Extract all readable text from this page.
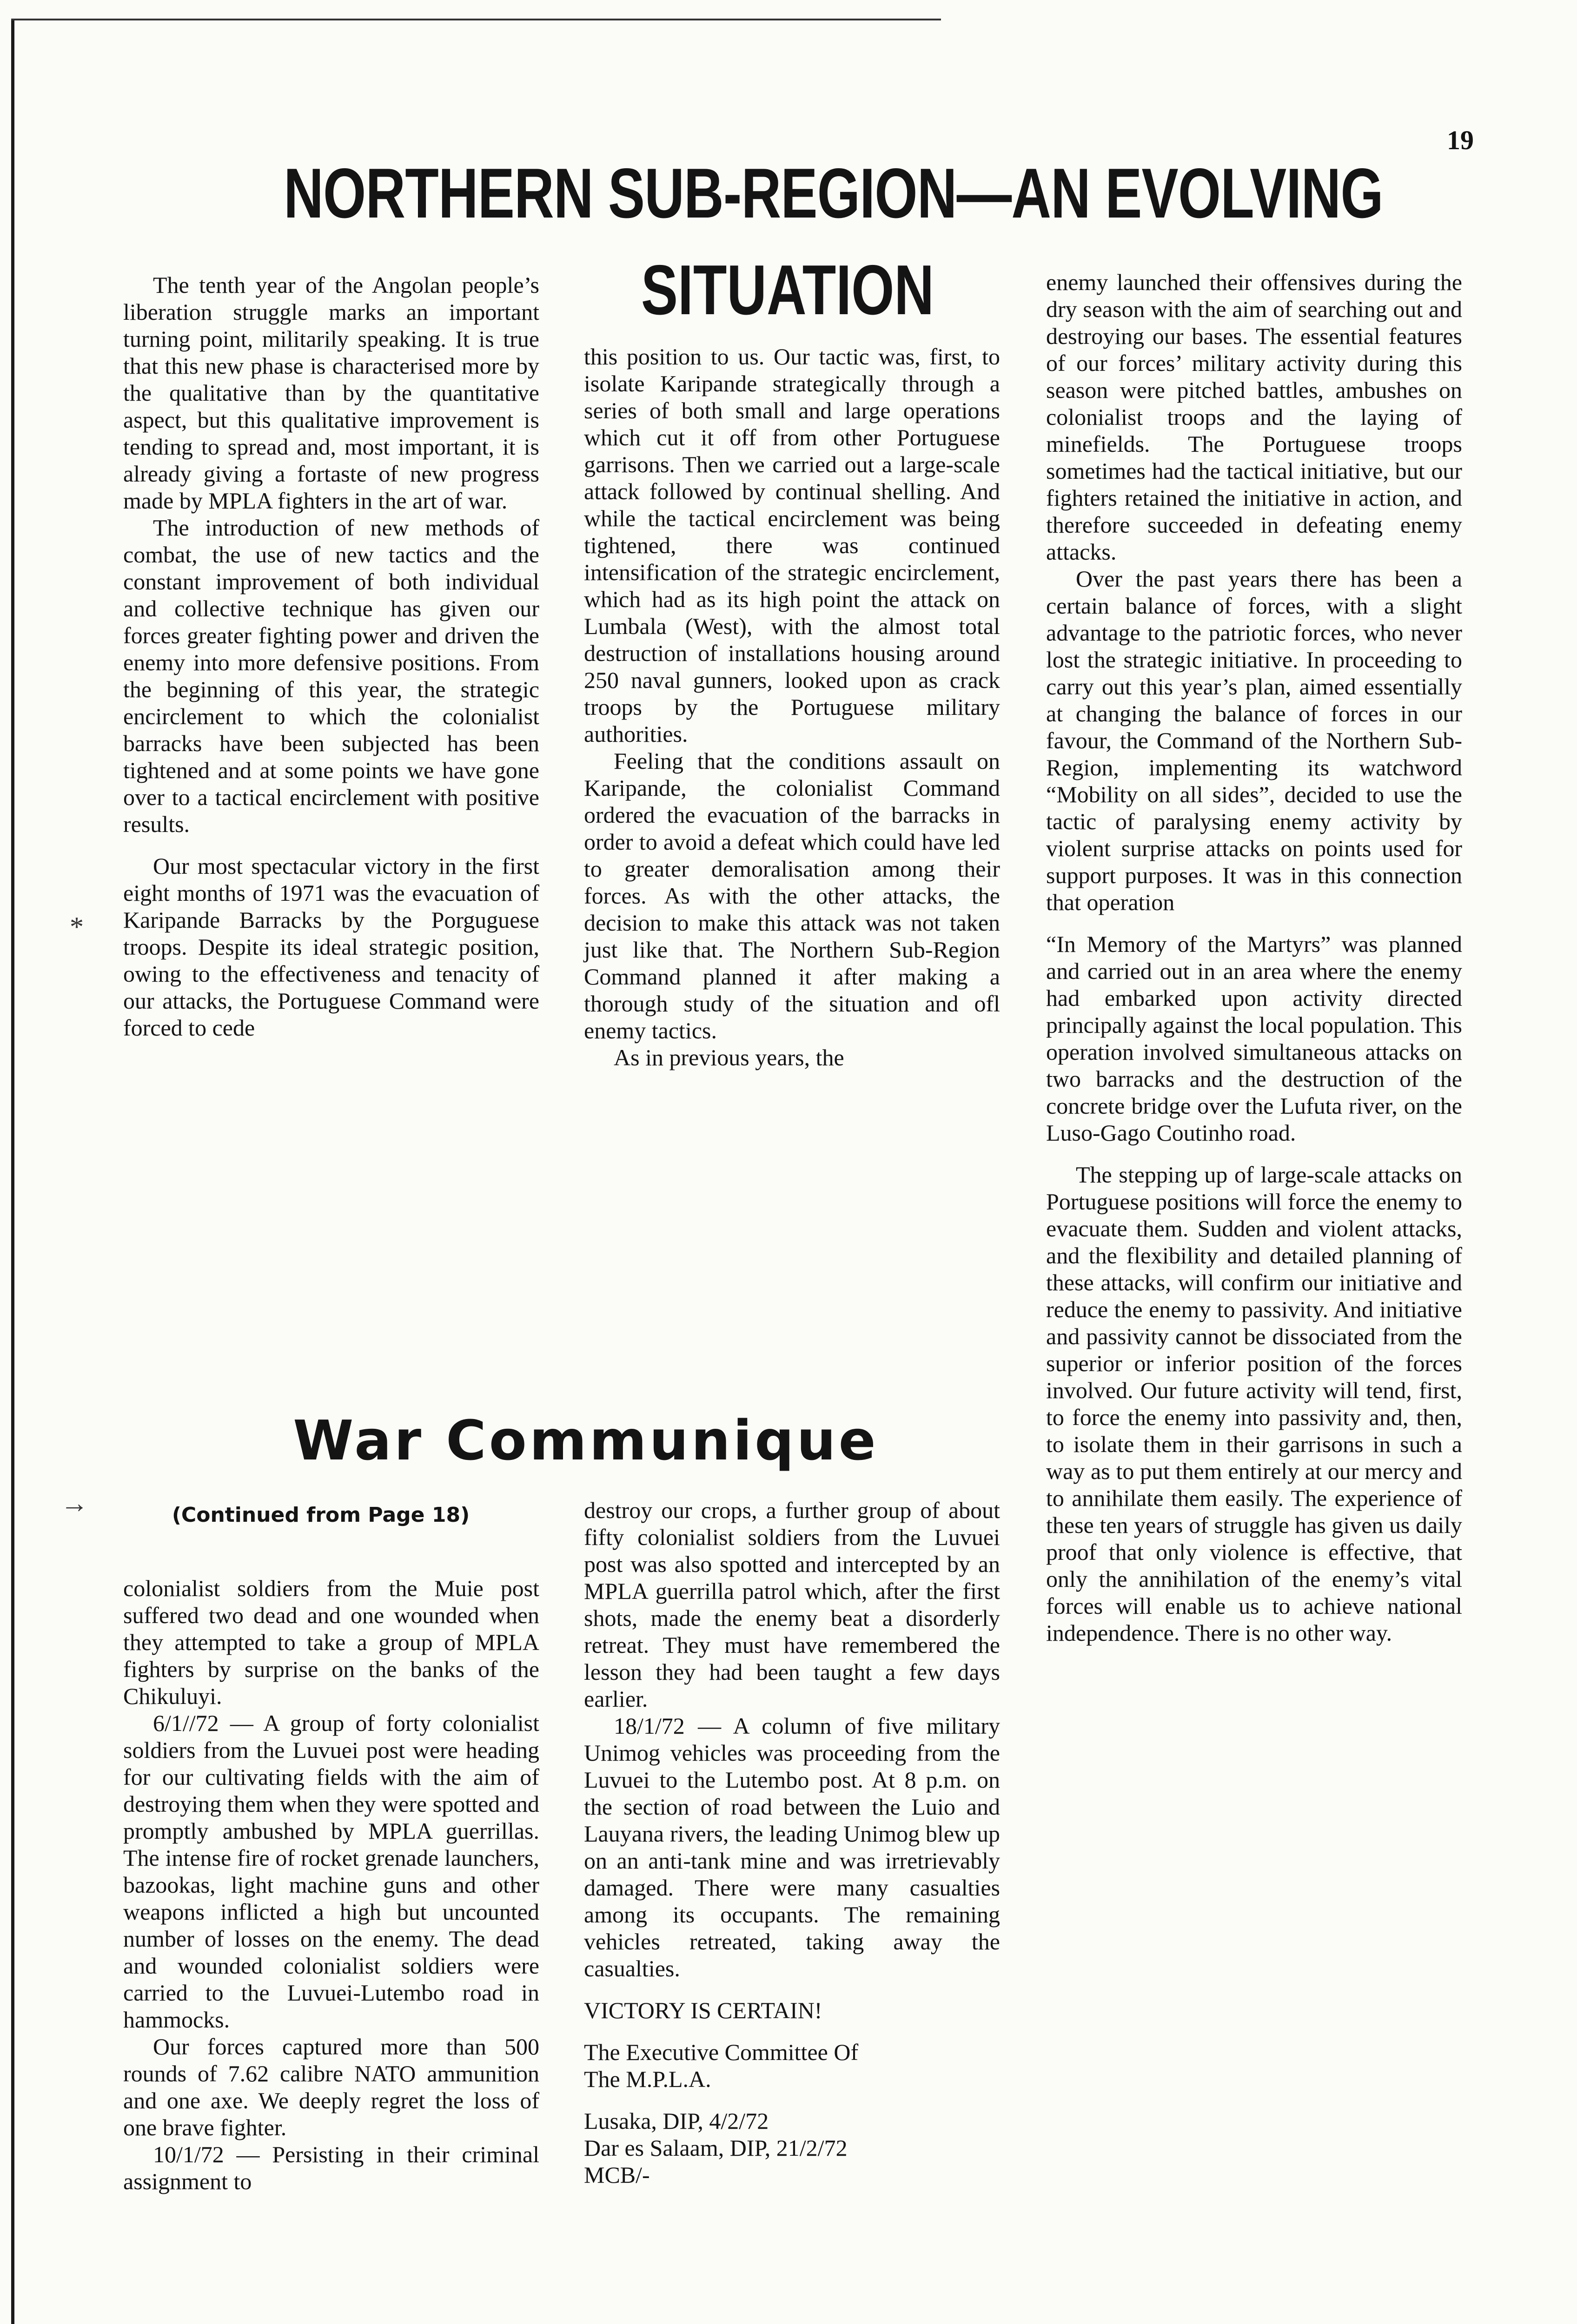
19
NORTHERN SUB-REGION—AN EVOLVING
SITUATION

The tenth year of the Angolan people’s liberation struggle marks an important turning point, militarily speaking. It is true that this new phase is characterised more by the qualitative than by the quantitative aspect, but this qualitative improvement is tending to spread and, most important, it is already giving a fortaste of new progress made by MPLA fighters in the art of war.

The introduction of new methods of combat, the use of new tactics and the constant improvement of both individual and collective technique has given our forces greater fighting power and driven the enemy into more defensive positions. From the beginning of this year, the strategic encirclement to which the colonialist barracks have been subjected has been tightened and at some points we have gone over to a tactical encirclement with positive results.

Our most spectacular victory in the first eight months of 1971 was the evacuation of Karipande Barracks by the Porguguese troops. Despite its ideal strategic position, owing to the effectiveness and tenacity of our attacks, the Portuguese Command were forced to cede

this position to us. Our tactic was, first, to isolate Karipande strategically through a series of both small and large operations which cut it off from other Portuguese garrisons. Then we carried out a large-scale attack followed by continual shelling. And while the tactical encirclement was being tightened, there was continued intensification of the strategic encirclement, which had as its high point the attack on Lumbala (West), with the almost total destruction of installations housing around 250 naval gunners, looked upon as crack troops by the Portuguese military authorities.

Feeling that the conditions assault on Karipande, the colonialist Command ordered the evacuation of the barracks in order to avoid a defeat which could have led to greater demoralisation among their forces. As with the other attacks, the decision to make this attack was not taken just like that. The Northern Sub-Region Command planned it after making a thorough study of the situation and ofl enemy tactics.

As in previous years, the

enemy launched their offensives during the dry season with the aim of searching out and destroying our bases. The essential features of our forces’ military activity during this season were pitched battles, ambushes on colonialist troops and the laying of minefields. The Portuguese troops sometimes had the tactical initiative, but our fighters retained the initiative in action, and therefore succeeded in defeating enemy attacks.

Over the past years there has been a certain balance of forces, with a slight advantage to the patriotic forces, who never lost the strategic initiative. In proceeding to carry out this year’s plan, aimed essentially at changing the balance of forces in our favour, the Command of the Northern Sub-Region, implementing its watchword “Mobility on all sides”, decided to use the tactic of paralysing enemy activity by violent surprise attacks on points used for support purposes. It was in this connection that operation

“In Memory of the Martyrs” was planned and carried out in an area where the enemy had embarked upon activity directed principally against the local population. This operation involved simultaneous attacks on two barracks and the destruction of the concrete bridge over the Lufuta river, on the Luso-Gago Coutinho road.

The stepping up of large-scale attacks on Portuguese positions will force the enemy to evacuate them. Sudden and violent attacks, and the flexibility and detailed planning of these attacks, will confirm our initiative and reduce the enemy to passivity. And initiative and passivity cannot be dissociated from the superior or inferior position of the forces involved. Our future activity will tend, first, to force the enemy into passivity and, then, to isolate them in their garrisons in such a way as to put them entirely at our mercy and to annihilate them easily. The experience of these ten years of struggle has given us daily proof that only violence is effective, that only the annihilation of the enemy’s vital forces will enable us to achieve national independence. There is no other way.

War Communique
(Continued from Page 18)

colonialist soldiers from the Muie post suffered two dead and one wounded when they attempted to take a group of MPLA fighters by surprise on the banks of the Chikuluyi.

6/1//72 — A group of forty colonialist soldiers from the Luvuei post were heading for our cultivating fields with the aim of destroying them when they were spotted and promptly ambushed by MPLA guerrillas. The intense fire of rocket grenade launchers, bazookas, light machine guns and other weapons inflicted a high but uncounted number of losses on the enemy. The dead and wounded colonialist soldiers were carried to the Luvuei-Lutembo road in hammocks.

Our forces captured more than 500 rounds of 7.62 calibre NATO ammunition and one axe. We deeply regret the loss of one brave fighter.

10/1/72 — Persisting in their criminal assignment to

destroy our crops, a further group of about fifty colonialist soldiers from the Luvuei post was also spotted and intercepted by an MPLA guerrilla patrol which, after the first shots, made the enemy beat a disorderly retreat. They must have remembered the lesson they had been taught a few days earlier.

18/1/72 — A column of five military Unimog vehicles was proceeding from the Luvuei to the Lutembo post. At 8 p.m. on the section of road between the Luio and Lauyana rivers, the leading Unimog blew up on an anti-tank mine and was irretrievably damaged. There were many casualties among its occupants. The remaining vehicles retreated, taking away the casualties.

VICTORY IS CERTAIN!

The Executive Committee Of

The M.P.L.A.

Lusaka, DIP, 4/2/72

Dar es Salaam, DIP, 21/2/72

MCB/-

*
→
